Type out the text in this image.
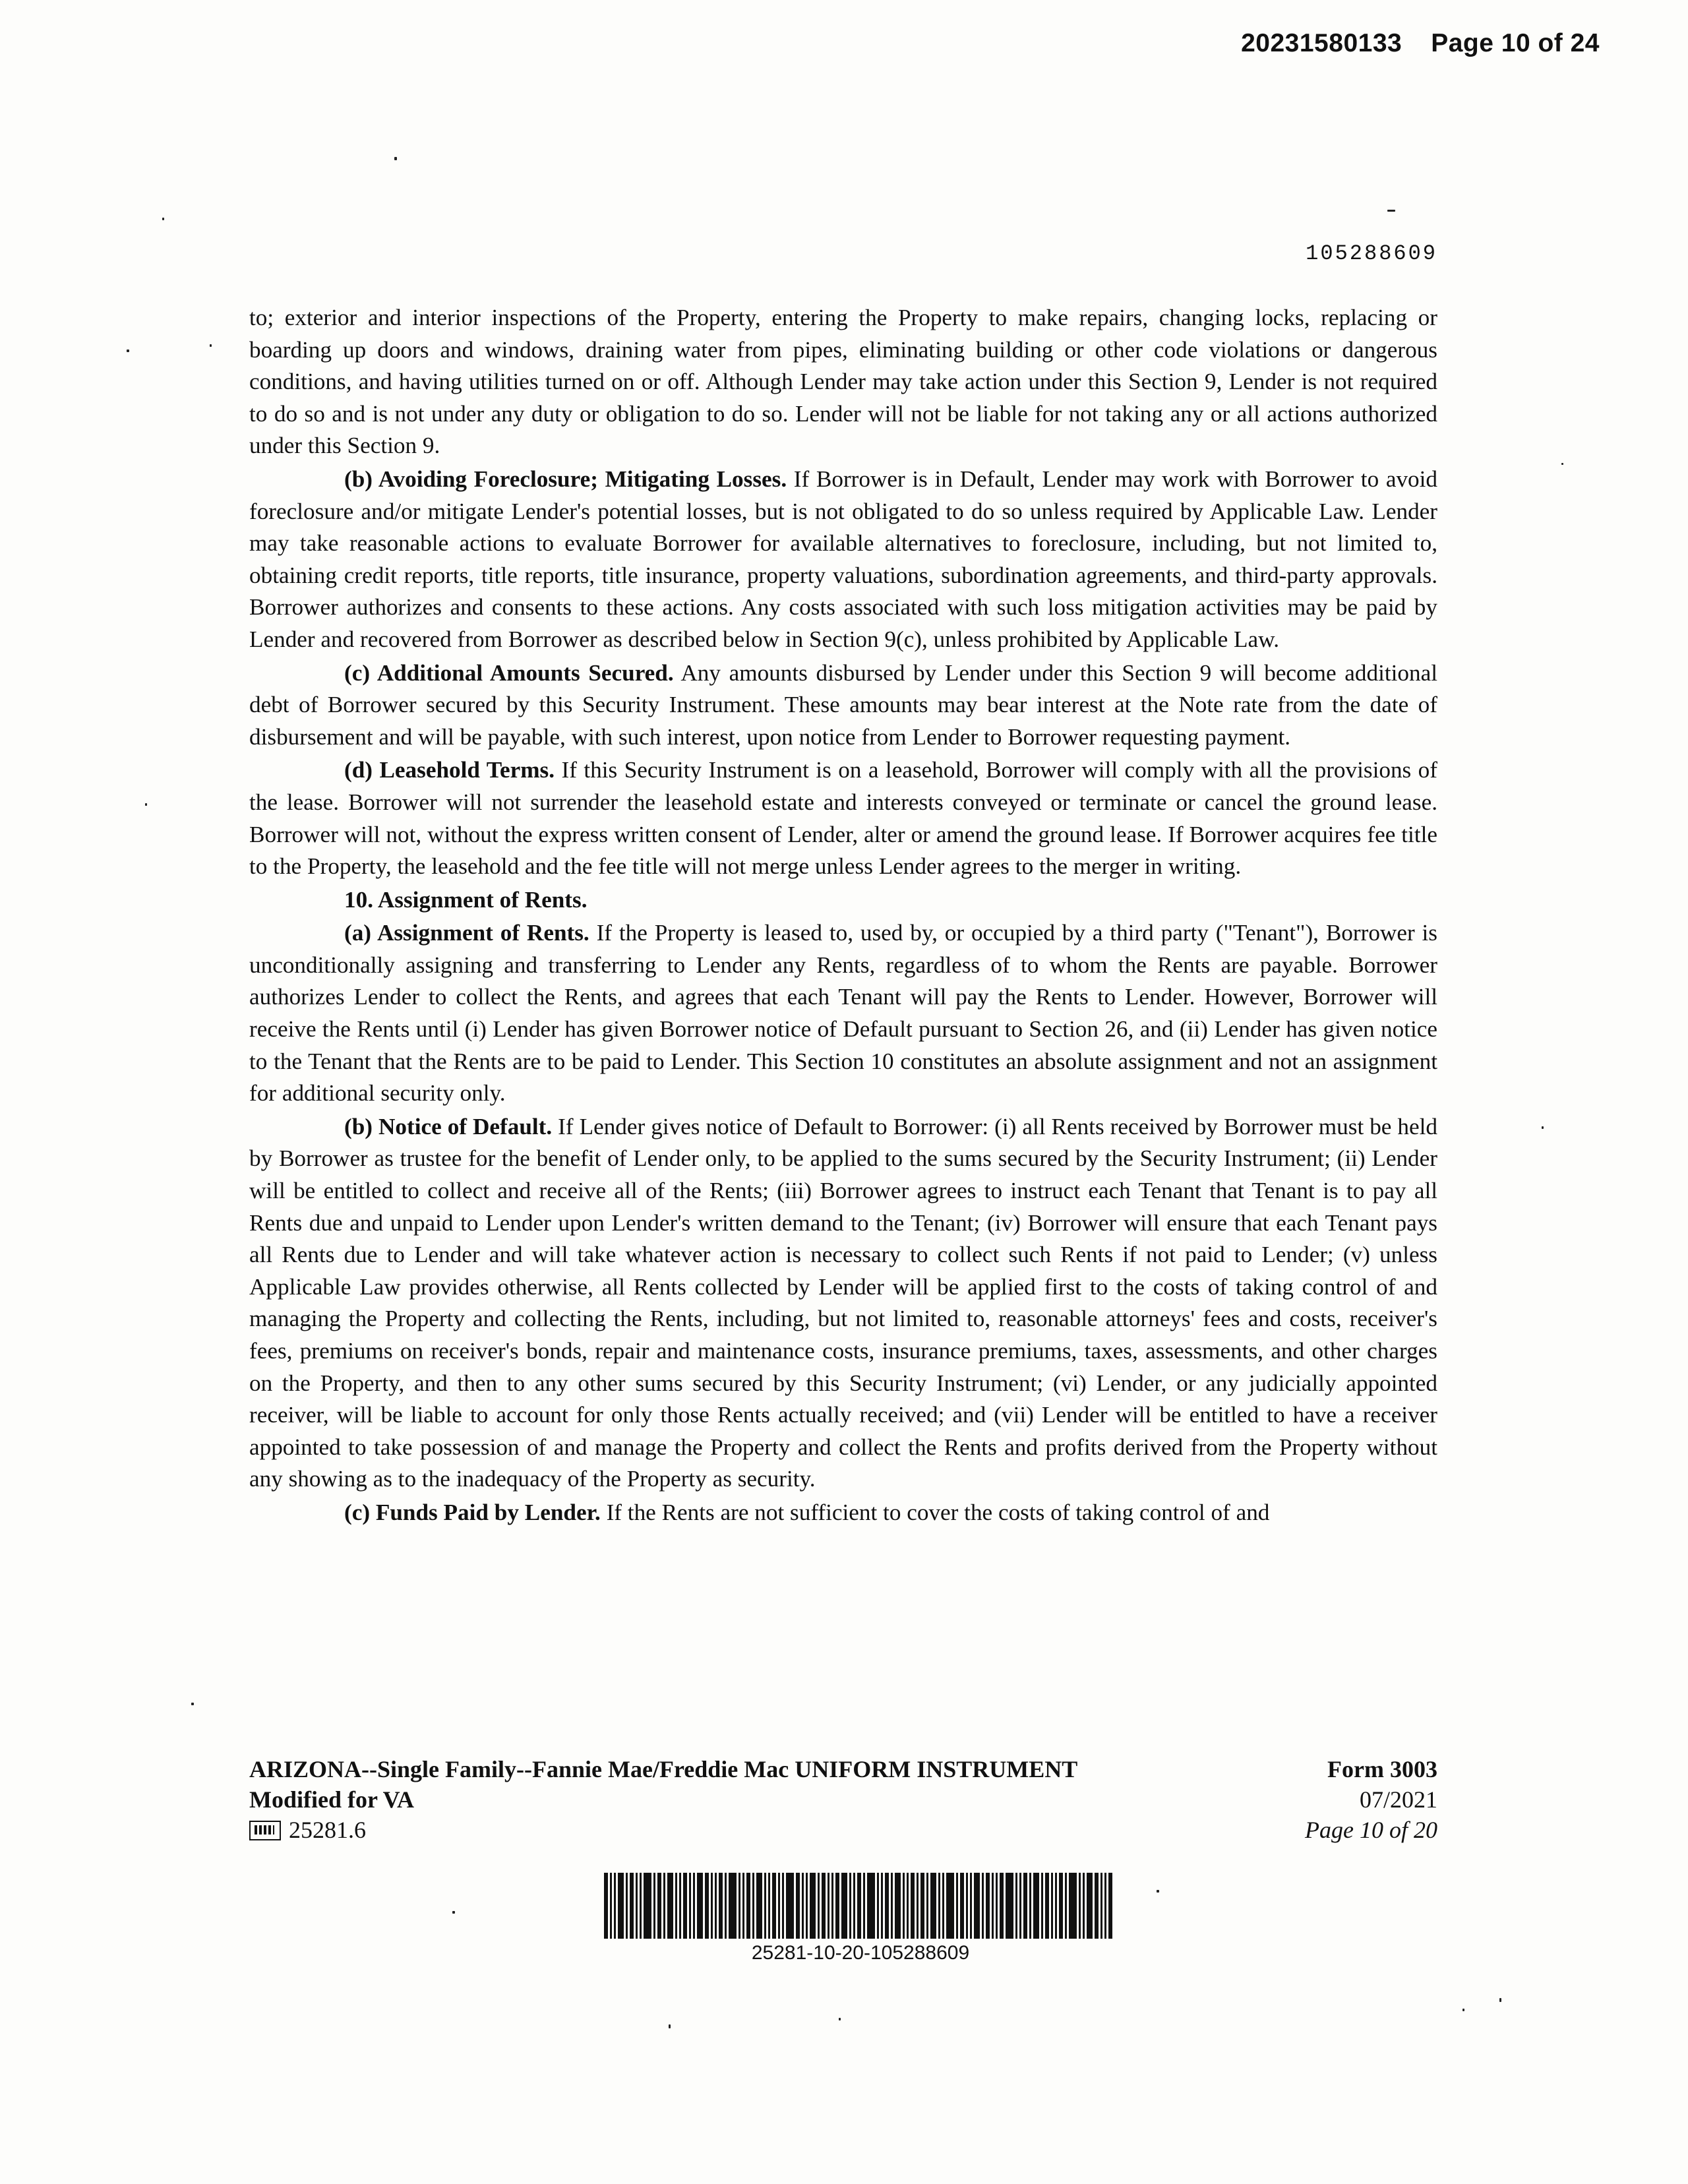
20231580133 Page 10 of 24
105288609

to; exterior and interior inspections of the Property, entering the Property to make repairs, changing locks, replacing or boarding up doors and windows, draining water from pipes, eliminating building or other code violations or dangerous conditions, and having utilities turned on or off. Although Lender may take action under this Section 9, Lender is not required to do so and is not under any duty or obligation to do so. Lender will not be liable for not taking any or all actions authorized under this Section 9.

(b) Avoiding Foreclosure; Mitigating Losses. If Borrower is in Default, Lender may work with Borrower to avoid foreclosure and/or mitigate Lender's potential losses, but is not obligated to do so unless required by Applicable Law. Lender may take reasonable actions to evaluate Borrower for available alternatives to foreclosure, including, but not limited to, obtaining credit reports, title reports, title insurance, property valuations, subordination agreements, and third-party approvals. Borrower authorizes and consents to these actions. Any costs associated with such loss mitigation activities may be paid by Lender and recovered from Borrower as described below in Section 9(c), unless prohibited by Applicable Law.

(c) Additional Amounts Secured. Any amounts disbursed by Lender under this Section 9 will become additional debt of Borrower secured by this Security Instrument. These amounts may bear interest at the Note rate from the date of disbursement and will be payable, with such interest, upon notice from Lender to Borrower requesting payment.

(d) Leasehold Terms. If this Security Instrument is on a leasehold, Borrower will comply with all the provisions of the lease. Borrower will not surrender the leasehold estate and interests conveyed or terminate or cancel the ground lease. Borrower will not, without the express written consent of Lender, alter or amend the ground lease. If Borrower acquires fee title to the Property, the leasehold and the fee title will not merge unless Lender agrees to the merger in writing.

10. Assignment of Rents.

(a) Assignment of Rents. If the Property is leased to, used by, or occupied by a third party ("Tenant"), Borrower is unconditionally assigning and transferring to Lender any Rents, regardless of to whom the Rents are payable. Borrower authorizes Lender to collect the Rents, and agrees that each Tenant will pay the Rents to Lender. However, Borrower will receive the Rents until (i) Lender has given Borrower notice of Default pursuant to Section 26, and (ii) Lender has given notice to the Tenant that the Rents are to be paid to Lender. This Section 10 constitutes an absolute assignment and not an assignment for additional security only.

(b) Notice of Default. If Lender gives notice of Default to Borrower: (i) all Rents received by Borrower must be held by Borrower as trustee for the benefit of Lender only, to be applied to the sums secured by the Security Instrument; (ii) Lender will be entitled to collect and receive all of the Rents; (iii) Borrower agrees to instruct each Tenant that Tenant is to pay all Rents due and unpaid to Lender upon Lender's written demand to the Tenant; (iv) Borrower will ensure that each Tenant pays all Rents due to Lender and will take whatever action is necessary to collect such Rents if not paid to Lender; (v) unless Applicable Law provides otherwise, all Rents collected by Lender will be applied first to the costs of taking control of and managing the Property and collecting the Rents, including, but not limited to, reasonable attorneys' fees and costs, receiver's fees, premiums on receiver's bonds, repair and maintenance costs, insurance premiums, taxes, assessments, and other charges on the Property, and then to any other sums secured by this Security Instrument; (vi) Lender, or any judicially appointed receiver, will be liable to account for only those Rents actually received; and (vii) Lender will be entitled to have a receiver appointed to take possession of and manage the Property and collect the Rents and profits derived from the Property without any showing as to the inadequacy of the Property as security.

(c) Funds Paid by Lender. If the Rents are not sufficient to cover the costs of taking control of and

ARIZONA--Single Family--Fannie Mae/Freddie Mac UNIFORM INSTRUMENT
Modified for VA
25281.6
Form 3003
07/2021
Page 10 of 20
25281-10-20-105288609
